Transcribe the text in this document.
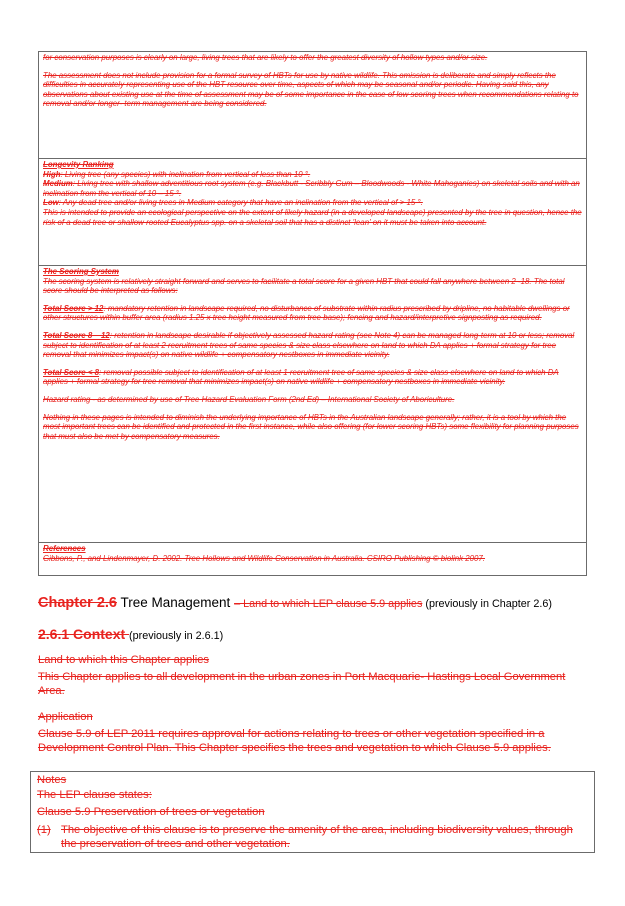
for conservation purposes is clearly on large, living trees that are likely to offer the greatest diversity of hollow types and/or size.

The assessment does not include provision for a formal survey of HBTs for use by native wildlife. This omission is deliberate and simply reflects the difficulties in accurately representing use of the HBT resource over time, aspects of which may be seasonal and/or periodic. Having said this, any observations about existing use at the time of assessment may be of some importance in the case of low scoring trees when recommendations relating to removal and/or longer- term management are being considered.

Longevity Ranking

High: Living tree (any species) with inclination from vertical of less than 10 °.

Medium: Living tree with shallow adventitious root system (e.g. Blackbutt - Scribbly Gum – Bloodwoods - White Mahoganies) on skeletal soils and with an inclination from the vertical of 10 – 15 °.

Low: Any dead tree and/or living trees in Medium category that have an inclination from the vertical of > 15 °.

This is intended to provide an ecological perspective on the extent of likely hazard (in a developed landscape) presented by the tree in question, hence the risk of a dead tree or shallow rooted Eucalyptus spp. on a skeletal soil that has a distinct 'lean' on it must be taken into account.

The Scoring System

The scoring system is relatively straight forward and serves to facilitate a total score for a given HBT that could fall anywhere between 2 -18. The total score should be interpreted as follows:

Total Score > 12: mandatory retention in landscape required, no disturbance of substrate within radius prescribed by dripline, no habitable dwellings or other structures within buffer area (radius 1.25 x tree height measured from tree base); fencing and hazard/interpretive signposting as required.

Total Score 8 – 12: retention in landscape desirable if objectively assessed hazard rating (see Note 4) can be managed long-term at 10 or less; removal subject to identification of at least 2 recruitment trees of same species & size class elsewhere on land to which DA applies + formal strategy for tree removal that minimizes impact(s) on native wildlife + compensatory nestboxes in immediate vicinity.

Total Score < 8: removal possible subject to identification of at least 1 recruitment tree of same species & size class elsewhere on land to which DA applies + formal strategy for tree removal that minimizes impact(s) on native wildlife + compensatory nestboxes in immediate vicinity.

Hazard rating - as determined by use of Tree Hazard Evaluation Form (2nd Ed) – International Society of Aboriculture.

Nothing in these pages is intended to diminish the underlying importance of HBTs in the Australian landscape generally; rather, it is a tool by which the most important trees can be identified and protected in the first instance, while also offering (for lower scoring HBTs) some flexibility for planning purposes that must also be met by compensatory measures.

References

Gibbons, P., and Lindenmayer, D. 2002. Tree Hollows and Wildlife Conservation in Australia. CSIRO Publishing © biolink 2007.

Chapter 2.6 Tree Management – Land to which LEP clause 5.9 applies (previously in Chapter 2.6)
2.6.1 Context (previously in 2.6.1)
Land to which this Chapter applies
This Chapter applies to all development in the urban zones in Port Macquarie- Hastings Local Government Area.
Application
Clause 5.9 of LEP 2011 requires approval for actions relating to trees or other vegetation specified in a Development Control Plan. This Chapter specifies the trees and vegetation to which Clause 5.9 applies.
Notes
The LEP clause states:
Clause 5.9 Preservation of trees or vegetation
(1) The objective of this clause is to preserve the amenity of the area, including biodiversity values, through the preservation of trees and other vegetation.
